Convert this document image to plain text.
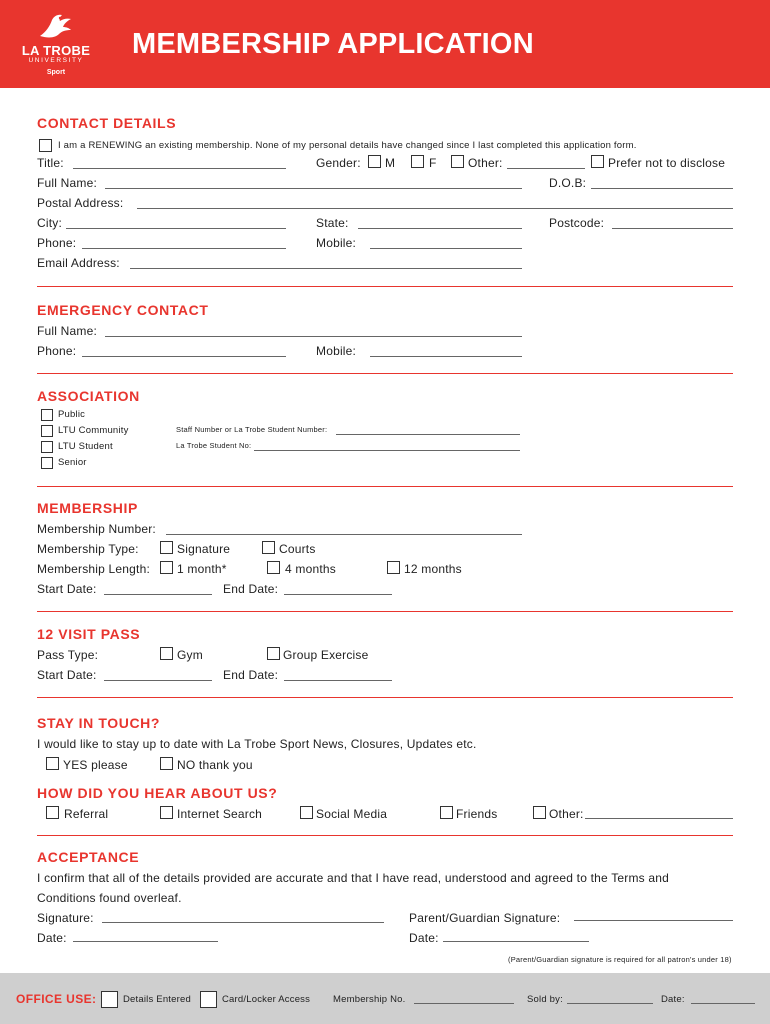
LA TROBE
UNIVERSITY
Sport
MEMBERSHIP APPLICATION
CONTACT DETAILS
I am a RENEWING an existing membership. None of my personal details have changed since I last completed this application form.
Title:	Gender: M	F	Other:	Prefer not to disclose
Full Name:	D.O.B:
Postal Address:
City:	State:	Postcode:
Phone:	Mobile:
Email Address:
EMERGENCY CONTACT
Full Name:
Phone:	Mobile:
ASSOCIATION
Public
LTU Community
LTU Student
Senior
Staff Number or La Trobe Student Number:
La Trobe Student No:
MEMBERSHIP
Membership Number:
Membership Type:	Signature	Courts
Membership Length: 1 month*	4 months	12 months
Start Date:	End Date:
12 VISIT PASS
Pass Type:	Gym	Group Exercise
Start Date:	End Date:
STAY IN TOUCH?
I would like to stay up to date with La Trobe Sport News, Closures, Updates etc.
YES please	NO thank you
HOW DID YOU HEAR ABOUT US?
Referral	Internet Search	Social Media	Friends	Other:
ACCEPTANCE
I confirm that all of the details provided are accurate and that I have read, understood and agreed to the Terms and
Conditions found overleaf.
Signature:	Parent/Guardian Signature:
Date:	Date:
(Parent/Guardian signature is required for all patron's under 18)
OFFICE USE:	Details Entered	Card/Locker Access Membership No.	Sold by:	Date:
